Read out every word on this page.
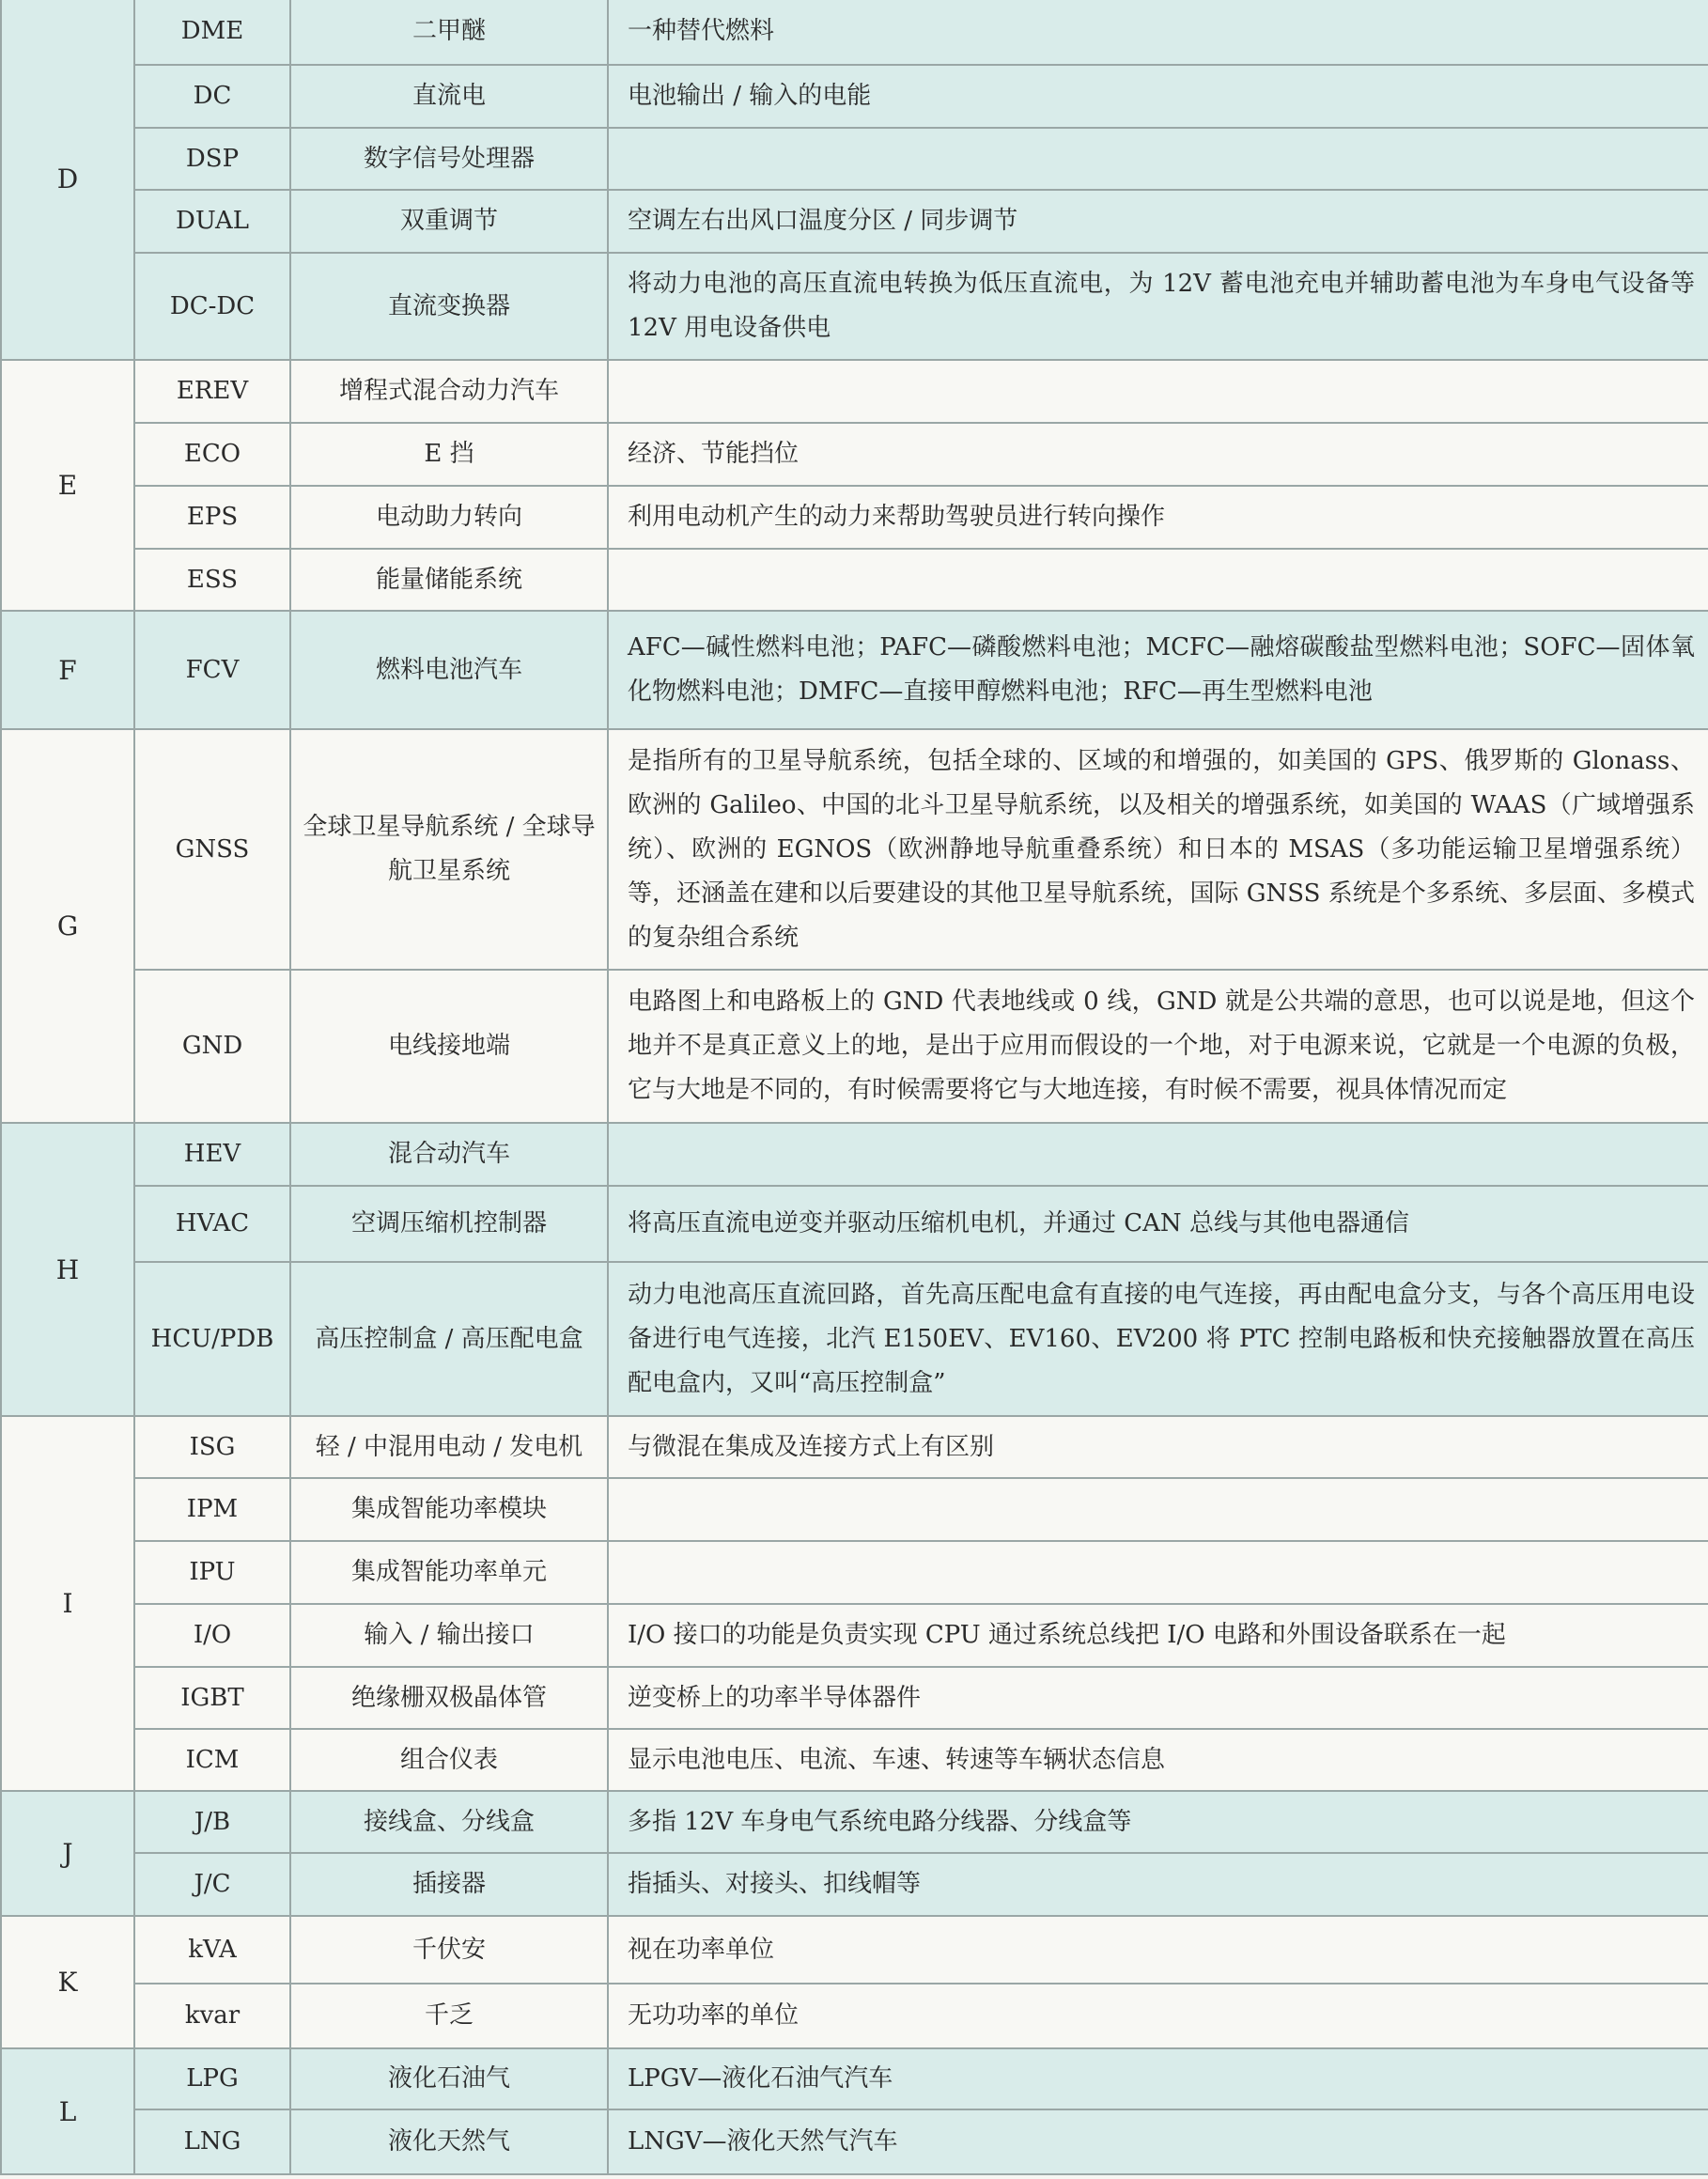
D	DME	二甲醚	一种替代燃料
	DC	直流电	电池输出 / 输入的电能
	DSP	数字信号处理器	
	DUAL	双重调节	空调左右出风口温度分区 / 同步调节
	DC-DC	直流变换器	将动力电池的高压直流电转换为低压直流电，为 12V 蓄电池充电并辅助蓄电池为车身电气设备等 12V 用电设备供电
E	EREV	增程式混合动力汽车	
	ECO	E 挡	经济、节能挡位
	EPS	电动助力转向	利用电动机产生的动力来帮助驾驶员进行转向操作
	ESS	能量储能系统	
F	FCV	燃料电池汽车	AFC—碱性燃料电池；PAFC—磷酸燃料电池；MCFC—融熔碳酸盐型燃料电池；SOFC—固体氧化物燃料电池；DMFC—直接甲醇燃料电池；RFC—再生型燃料电池
G	GNSS	全球卫星导航系统 / 全球导航卫星系统	是指所有的卫星导航系统，包括全球的、区域的和增强的，如美国的 GPS、俄罗斯的 Glonass、欧洲的 Galileo、中国的北斗卫星导航系统，以及相关的增强系统，如美国的 WAAS（广域增强系统）、欧洲的 EGNOS（欧洲静地导航重叠系统）和日本的 MSAS（多功能运输卫星增强系统）等，还涵盖在建和以后要建设的其他卫星导航系统，国际 GNSS 系统是个多系统、多层面、多模式的复杂组合系统
	GND	电线接地端	电路图上和电路板上的 GND 代表地线或 0 线，GND 就是公共端的意思，也可以说是地，但这个地并不是真正意义上的地，是出于应用而假设的一个地，对于电源来说，它就是一个电源的负极，它与大地是不同的，有时候需要将它与大地连接，有时候不需要，视具体情况而定
H	HEV	混合动汽车	
	HVAC	空调压缩机控制器	将高压直流电逆变并驱动压缩机电机，并通过 CAN 总线与其他电器通信
	HCU/PDB	高压控制盒 / 高压配电盒	动力电池高压直流回路，首先高压配电盒有直接的电气连接，再由配电盒分支，与各个高压用电设备进行电气连接，北汽 E150EV、EV160、EV200 将 PTC 控制电路板和快充接触器放置在高压配电盒内，又叫“高压控制盒”
I	ISG	轻 / 中混用电动 / 发电机	与微混在集成及连接方式上有区别
	IPM	集成智能功率模块	
	IPU	集成智能功率单元	
	I/O	输入 / 输出接口	I/O 接口的功能是负责实现 CPU 通过系统总线把 I/O 电路和外围设备联系在一起
	IGBT	绝缘栅双极晶体管	逆变桥上的功率半导体器件
	ICM	组合仪表	显示电池电压、电流、车速、转速等车辆状态信息
J	J/B	接线盒、分线盒	多指 12V 车身电气系统电路分线器、分线盒等
	J/C	插接器	指插头、对接头、扣线帽等
K	kVA	千伏安	视在功率单位
	kvar	千乏	无功功率的单位
L	LPG	液化石油气	LPGV—液化石油气汽车
	LNG	液化天然气	LNGV—液化天然气汽车
